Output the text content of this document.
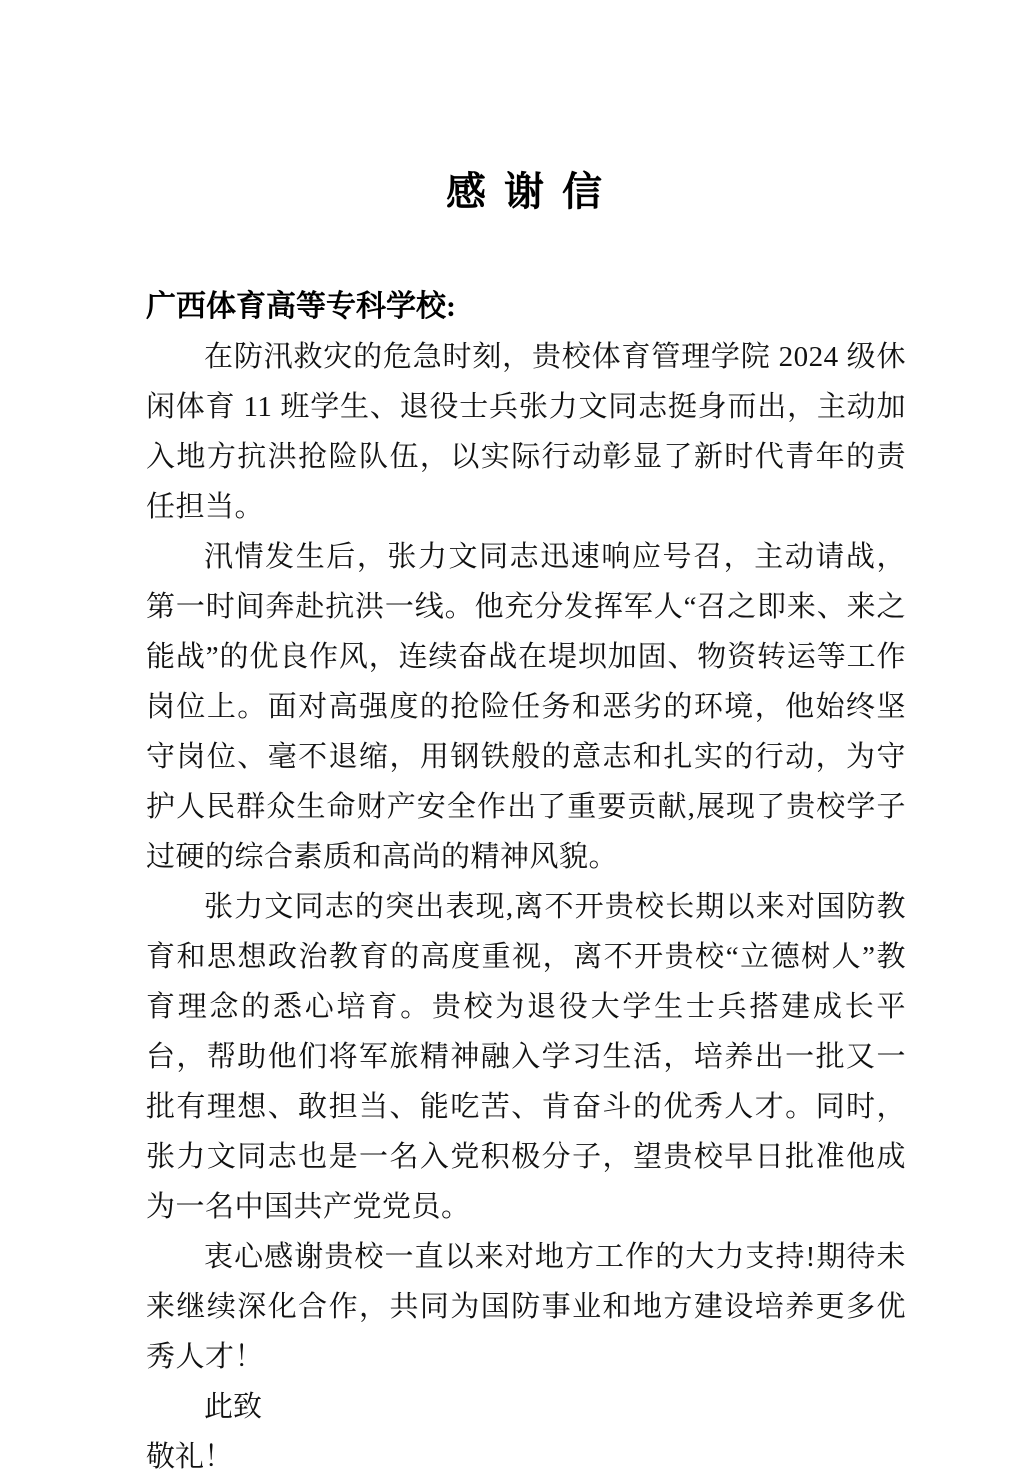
感 谢 信

广西体育高等专科学校:

在防汛救灾的危急时刻，贵校体育管理学院 2024 级休闲体育 11 班学生、退役士兵张力文同志挺身而出，主动加入地方抗洪抢险队伍，以实际行动彰显了新时代青年的责任担当。

汛情发生后，张力文同志迅速响应号召，主动请战，第一时间奔赴抗洪一线。他充分发挥军人“召之即来、来之能战”的优良作风，连续奋战在堤坝加固、物资转运等工作岗位上。面对高强度的抢险任务和恶劣的环境，他始终坚守岗位、毫不退缩，用钢铁般的意志和扎实的行动，为守护人民群众生命财产安全作出了重要贡献,展现了贵校学子过硬的综合素质和高尚的精神风貌。

张力文同志的突出表现,离不开贵校长期以来对国防教育和思想政治教育的高度重视，离不开贵校“立德树人”教育理念的悉心培育。贵校为退役大学生士兵搭建成长平台，帮助他们将军旅精神融入学习生活，培养出一批又一批有理想、敢担当、能吃苦、肯奋斗的优秀人才。同时，张力文同志也是一名入党积极分子，望贵校早日批准他成为一名中国共产党党员。

衷心感谢贵校一直以来对地方工作的大力支持!期待未来继续深化合作，共同为国防事业和地方建设培养更多优秀人才！

此致

敬礼！
